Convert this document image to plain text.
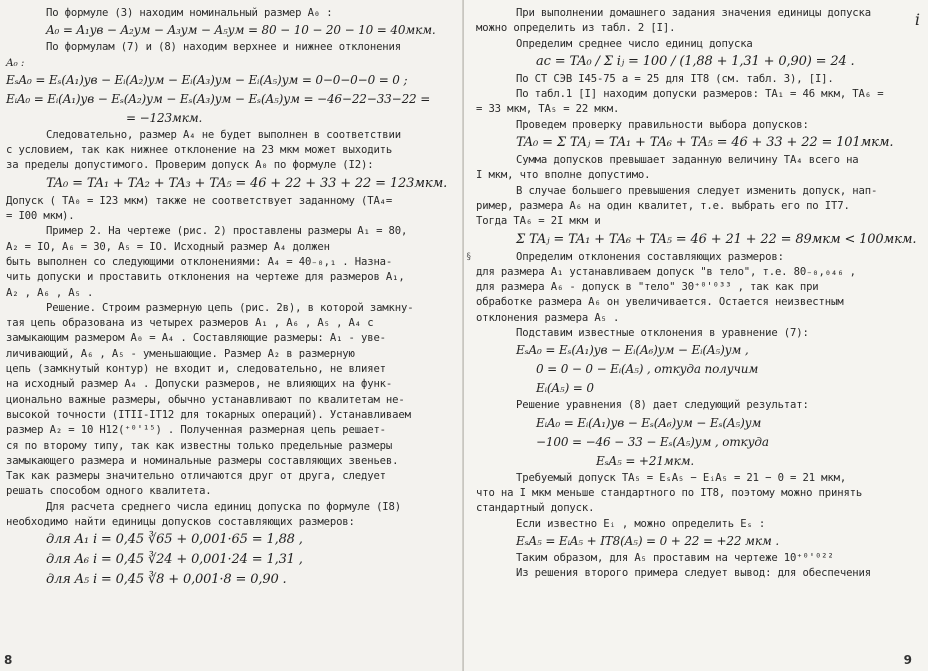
По формуле (3) находим номинальный размер A₀ :
A₀ = A₁ув − A₂ум − A₃ум − A₅ум = 80 − 10 − 20 − 10 = 40мкм.
По формулам (7) и (8) находим верхнее и нижнее отклонения
A₀ :
EₛA₀ = Eₛ(A₁)ув − Eᵢ(A₂)ум − Eᵢ(A₃)ум − Eᵢ(A₅)ум = 0−0−0−0 = 0 ;
EᵢA₀ = Eᵢ(A₁)ув − Eₛ(A₂)ум − Eₛ(A₃)ум − Eₛ(A₅)ум = −46−22−33−22 =
= −123мкм.
Следовательно, размер A₄ не будет выполнен в соответствии
с условием, так как нижнее отклонение на 23 мкм может выходить
за пределы допустимого. Проверим допуск A₀ по формуле (I2):
TA₀ = TA₁ + TA₂ + TA₃ + TA₅ = 46 + 22 + 33 + 22 = 123мкм.
Допуск ( TA₀ = I23 мкм) также не соответствует заданному (TA₄=
= I00 мкм).
Пример 2. На чертеже (рис. 2) проставлены размеры A₁ = 80,
A₂ = IO, A₆ = 30, A₅ = IO. Исходный размер A₄ должен
быть выполнен со следующими отклонениями: A₄ = 40₋₀,₁ . Назна-
чить допуски и проставить отклонения на чертеже для размеров A₁,
A₂ , A₆ , A₅ .
Решение. Строим размерную цепь (рис. 2в), в которой замкну-
тая цепь образована из четырех размеров A₁ , A₆ , A₅ , A₄ с
замыкающим размером A₀ = A₄ . Составляющие размеры: A₁ - уве-
личивающий, A₆ , A₅ - уменьшающие. Размер A₂ в размерную
цепь (замкнутый контур) не входит и, следовательно, не влияет
на исходный размер A₄ . Допуски размеров, не влияющих на функ-
ционально важные размеры, обычно устанавливают по квалитетам не-
высокой точности (ITII-IT12 для токарных операций). Устанавливаем
размер A₂ = 10 H12(⁺⁰'¹⁵) . Полученная размерная цепь решает-
ся по второму типу, так как известны только предельные размеры
замыкающего размера и номинальные размеры составляющих звеньев.
Так как размеры значительно отличаются друг от друга, следует
решать способом одного квалитета.
Для расчета среднего числа единиц допуска по формуле (I8)
необходимо найти единицы допусков составляющих размеров:
для A₁ i = 0,45 ∛65 + 0,001·65 = 1,88 ,
для A₆ i = 0,45 ∛24 + 0,001·24 = 1,31 ,
для A₅ i = 0,45 ∛8 + 0,001·8 = 0,90 .
8
При выполнении домашнего задания значения единицы допуска
можно определить из табл. 2 [I].
Определим среднее число единиц допуска
aс = TA₀ / Σ iⱼ = 100 / (1,88 + 1,31 + 0,90) = 24 .
По СТ СЭВ I45-75 a = 25 для IT8 (см. табл. 3), [I].
По табл.1 [I] находим допуски размеров: TA₁ = 46 мкм, TA₆ =
= 33 мкм, TA₅ = 22 мкм.
Проведем проверку правильности выбора допусков:
TA₀ = Σ TAⱼ = TA₁ + TA₆ + TA₅ = 46 + 33 + 22 = 101мкм.
Сумма допусков превышает заданную величину TA₄ всего на
I мкм, что вполне допустимо.
В случае большего превышения следует изменить допуск, нап-
ример, размера A₆ на один квалитет, т.е. выбрать его по IT7.
Тогда TA₆ = 2I мкм и
Σ TAⱼ = TA₁ + TA₆ + TA₅ = 46 + 21 + 22 = 89мкм < 100мкм.
Определим отклонения составляющих размеров:
для размера A₁ устанавливаем допуск "в тело", т.е. 80₋₀,₀₄₆ ,
для размера A₆ - допуск в "тело" 30⁺⁰'⁰³³ , так как при
обработке размера A₆ он увеличивается. Остается неизвестным
отклонения размера A₅ .
Подставим известные отклонения в уравнение (7):
EₛA₀ = Eₛ(A₁)ув − Eᵢ(A₆)ум − Eᵢ(A₅)ум ,
0 = 0 − 0 − Eᵢ(A₅) , откуда получим
Eᵢ(A₅) = 0
Решение уравнения (8) дает следующий результат:
EᵢA₀ = Eᵢ(A₁)ув − Eₛ(A₆)ум − Eₛ(A₅)ум
−100 = −46 − 33 − Eₛ(A₅)ум , откуда
EₛA₅ = +21мкм.
Требуемый допуск TA₅ = EₛA₅ − EᵢA₅ = 21 − 0 = 21 мкм,
что на I мкм меньше стандартного по IT8, поэтому можно принять
стандартный допуск.
Если известно Eᵢ , можно определить Eₛ :
EₛA₅ = EᵢA₅ + IT8(A₅) = 0 + 22 = +22 мкм .
Таким образом, для A₅ проставим на чертеже 10⁺⁰'⁰²²
Из решения второго примера следует вывод: для обеспечения
i
§
9
